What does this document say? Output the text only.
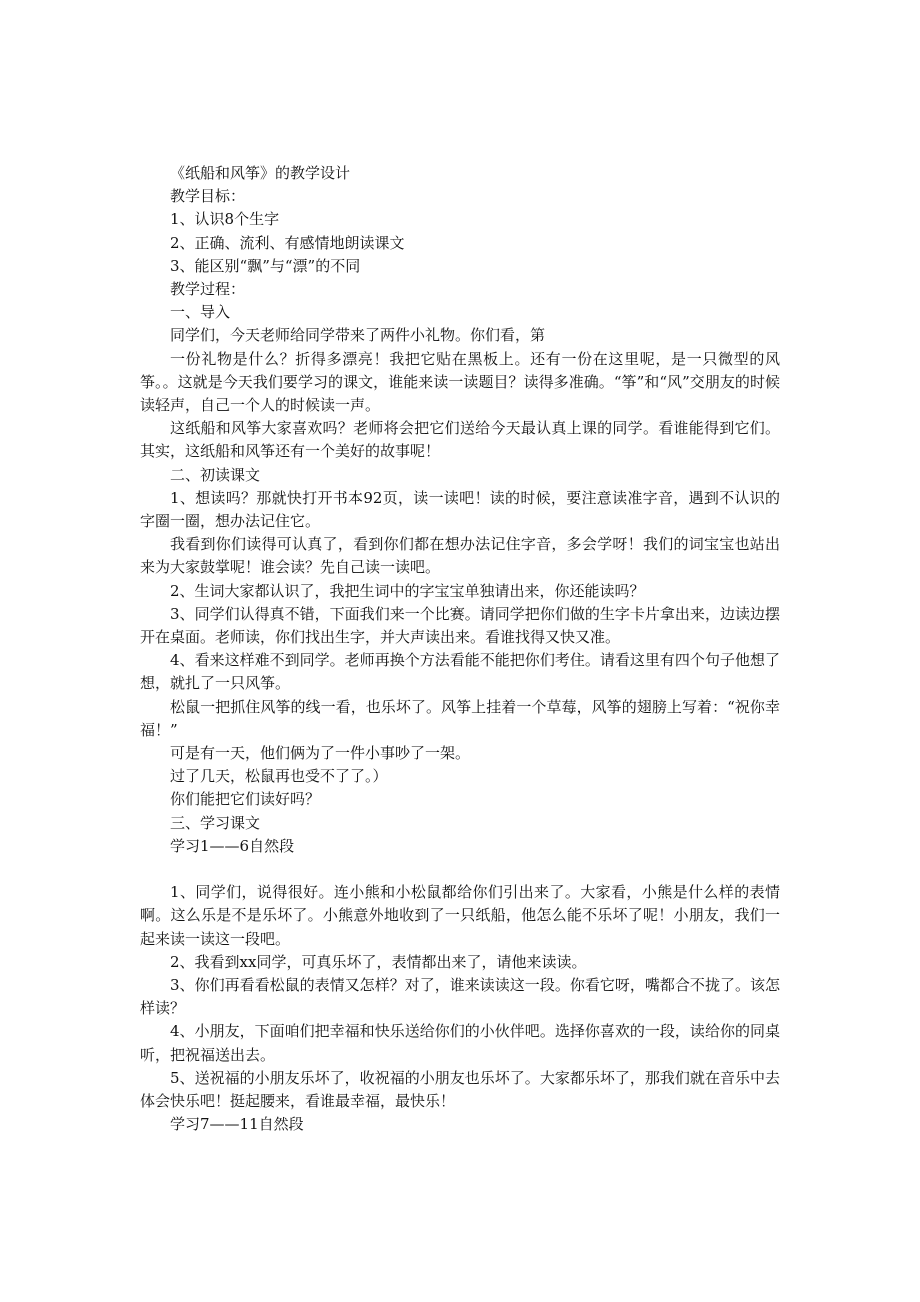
《纸船和风筝》的教学设计

教学目标：

1、认识8个生字

2、正确、流利、有感情地朗读课文

3、能区别“飘”与“漂”的不同

教学过程：

一、导入

同学们，今天老师给同学带来了两件小礼物。你们看，第

一份礼物是什么？折得多漂亮！我把它贴在黑板上。还有一份在这里呢，是一只微型的风筝。。这就是今天我们要学习的课文，谁能来读一读题目？读得多准确。“筝”和“风”交朋友的时候读轻声，自己一个人的时候读一声。

这纸船和风筝大家喜欢吗？老师将会把它们送给今天最认真上课的同学。看谁能得到它们。其实，这纸船和风筝还有一个美好的故事呢！

二、初读课文

1、想读吗？那就快打开书本92页，读一读吧！读的时候，要注意读准字音，遇到不认识的字圈一圈，想办法记住它。

我看到你们读得可认真了，看到你们都在想办法记住字音，多会学呀！我们的词宝宝也站出来为大家鼓掌呢！谁会读？先自己读一读吧。

2、生词大家都认识了，我把生词中的字宝宝单独请出来，你还能读吗？

3、同学们认得真不错，下面我们来一个比赛。请同学把你们做的生字卡片拿出来，边读边摆开在桌面。老师读，你们找出生字，并大声读出来。看谁找得又快又准。

4、看来这样难不到同学。老师再换个方法看能不能把你们考住。请看这里有四个句子他想了想，就扎了一只风筝。

松鼠一把抓住风筝的线一看，也乐坏了。风筝上挂着一个草莓，风筝的翅膀上写着：“祝你幸福！”

可是有一天，他们俩为了一件小事吵了一架。

过了几天，松鼠再也受不了了。）

你们能把它们读好吗？

三、学习课文

学习1——6自然段

1、同学们，说得很好。连小熊和小松鼠都给你们引出来了。大家看，小熊是什么样的表情啊。这么乐是不是乐坏了。小熊意外地收到了一只纸船，他怎么能不乐坏了呢！小朋友，我们一起来读一读这一段吧。

2、我看到xx同学，可真乐坏了，表情都出来了，请他来读读。

3、你们再看看松鼠的表情又怎样？对了，谁来读读这一段。你看它呀，嘴都合不拢了。该怎样读？

4、小朋友，下面咱们把幸福和快乐送给你们的小伙伴吧。选择你喜欢的一段，读给你的同桌听，把祝福送出去。

5、送祝福的小朋友乐坏了，收祝福的小朋友也乐坏了。大家都乐坏了，那我们就在音乐中去体会快乐吧！挺起腰来，看谁最幸福，最快乐！

学习7——11自然段
